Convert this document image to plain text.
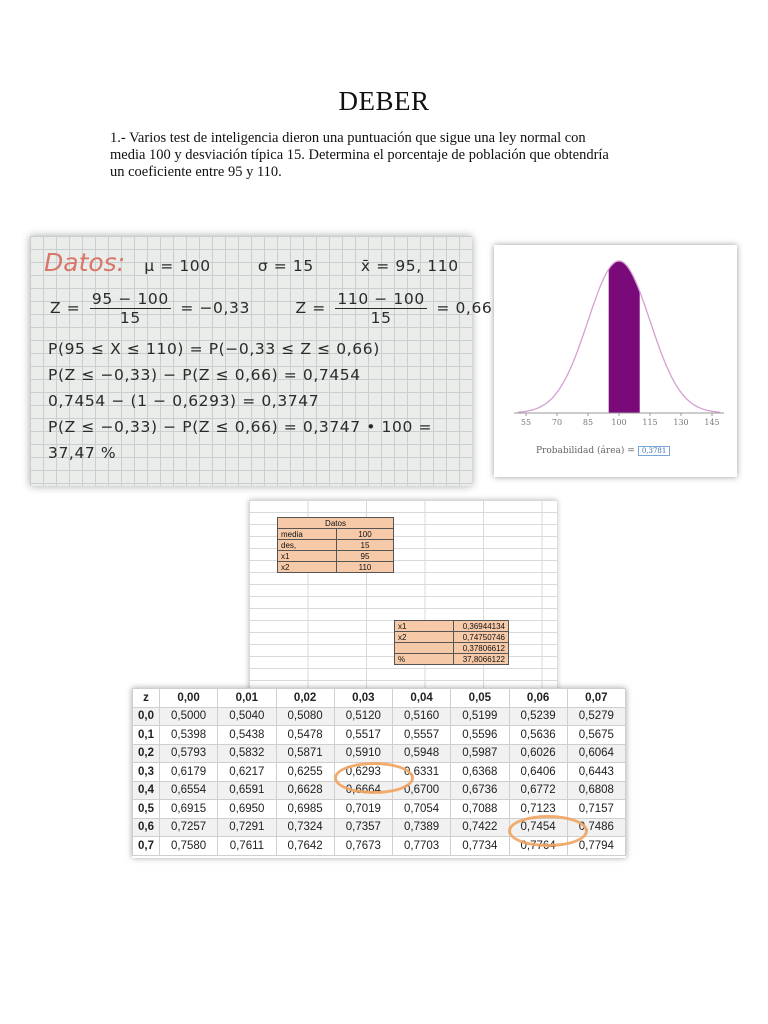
DEBER
1.- Varios test de inteligencia dieron una puntuación que sigue una ley normal con
media 100 y desviación típica 15. Determina el porcentaje de población que obtendría
un coeficiente entre 95 y 110.
Datos: μ = 100	σ = 15	x̄ = 95, 110
$Z = \frac{95 - 100}{15} = -0,33$	$Z = \frac{110 - 100}{15} = 0,66$
P(95 ≤ X ≤ 110) = P(−0,33 ≤ Z ≤ 0,66)
P(Z ≤ −0,33) − P(Z ≤ 0,66) = 0,7454
0,7454 − (1 − 0,6293) = 0,3747
P(Z ≤ −0,33) − P(Z ≤ 0,66) = 0,3747 • 100 =
37,47 %
55	70	85 100 115 130 145
Probabilidad (área) = 0,3781
Datos	
media	100
des,	15
x1	95
x2	110
x1	0,36944134
x2	0,74750746
	0,37806612
%	37,8066122
z	0,00	0,01	0,02	0,03	0,04	0,05	0,06	0,07
0,0	0,5000	0,5040	0,5080	0,5120	0,5160	0,5199	0,5239	0,5279
0,1	0,5398	0,5438	0,5478	0,5517	0,5557	0,5596	0,5636	0,5675
0,2	0,5793	0,5832	0,5871	0,5910	0,5948	0,5987	0,6026	0,6064
0,3	0,6179	0,6217	0,6255	0,6293	0,6331	0,6368	0,6406	0,6443
0,4	0,6554	0,6591	0,6628	0,6664	0,6700	0,6736	0,6772	0,6808
0,5	0,6915	0,6950	0,6985	0,7019	0,7054	0,7088	0,7123	0,7157
0,6	0,7257	0,7291	0,7324	0,7357	0,7389	0,7422	0,7454	0,7486
0,7	0,7580	0,7611	0,7642	0,7673	0,7703	0,7734	0,7764	0,7794
